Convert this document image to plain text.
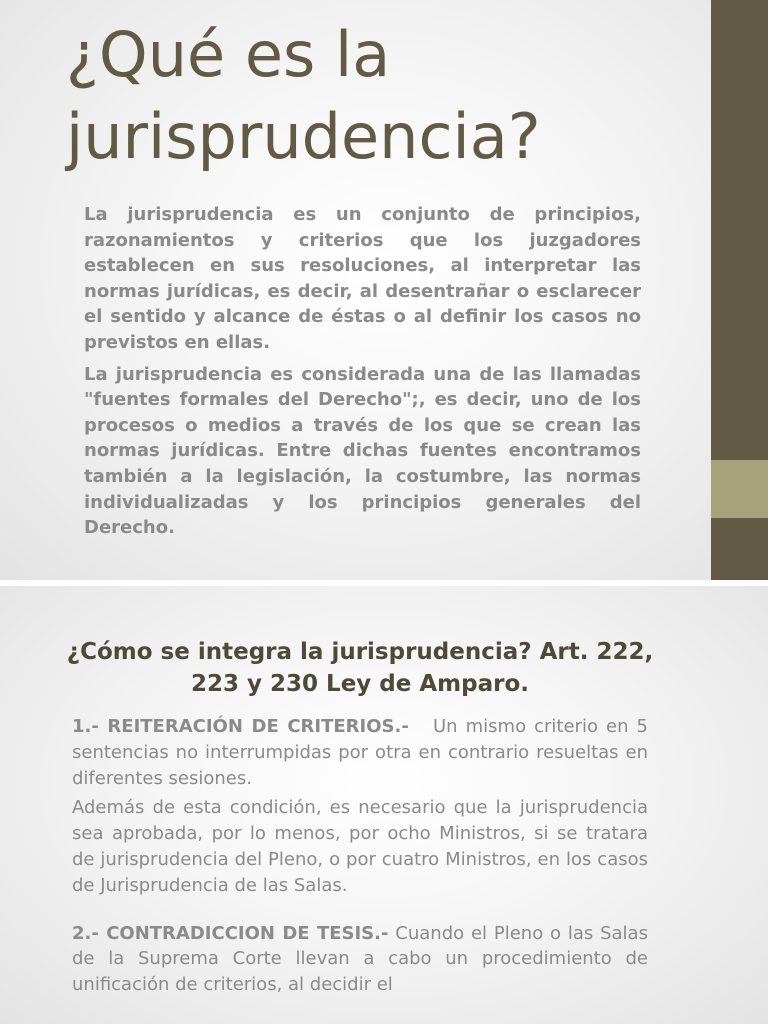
¿Qué es la jurisprudencia?

La jurisprudencia es un conjunto de principios, razonamientos y criterios que los juzgadores establecen en sus resoluciones, al interpretar las normas jurídicas, es decir, al desentrañar o esclarecer el sentido y alcance de éstas o al definir los casos no previstos en ellas.

La jurisprudencia es considerada una de las llamadas "fuentes formales del Derecho";, es decir, uno de los procesos o medios a través de los que se crean las normas jurídicas. Entre dichas fuentes encontramos también a la legislación, la costumbre, las normas individualizadas y los principios generales del Derecho.

¿Cómo se integra la jurisprudencia? Art. 222, 223 y 230 Ley de Amparo.

1.- REITERACIÓN DE CRITERIOS.- Un mismo criterio en 5 sentencias no interrumpidas por otra en contrario resueltas en diferentes sesiones.

Además de esta condición, es necesario que la jurisprudencia sea aprobada, por lo menos, por ocho Ministros, si se tratara de jurisprudencia del Pleno, o por cuatro Ministros, en los casos de Jurisprudencia de las Salas.

2.- CONTRADICCION DE TESIS.- Cuando el Pleno o las Salas de la Suprema Corte llevan a cabo un procedimiento de unificación de criterios, al decidir el
